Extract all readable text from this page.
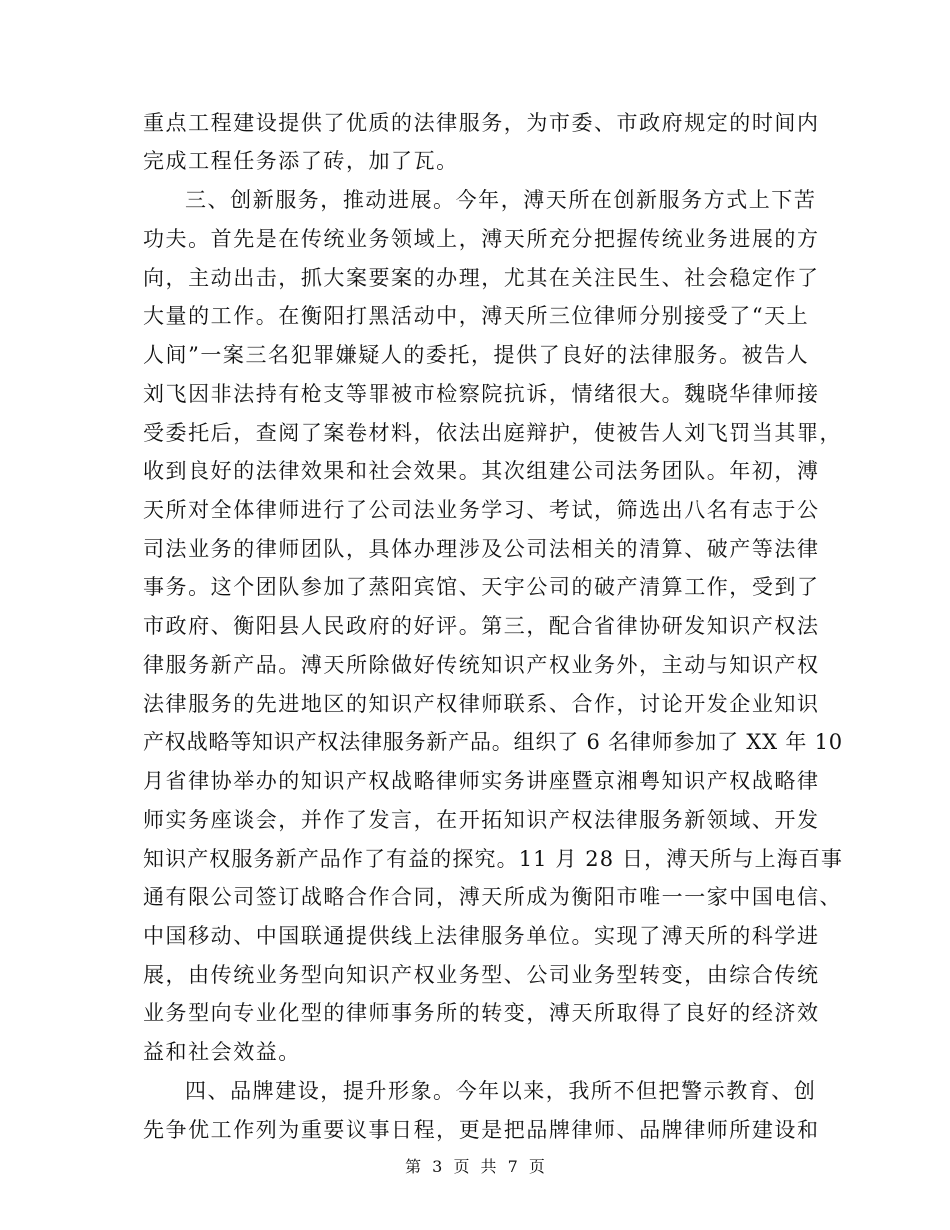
重点工程建设提供了优质的法律服务，为市委、市政府规定的时间内
完成工程任务添了砖，加了瓦。
三、创新服务，推动进展。今年，溥天所在创新服务方式上下苦
功夫。首先是在传统业务领域上，溥天所充分把握传统业务进展的方
向，主动出击，抓大案要案的办理，尤其在关注民生、社会稳定作了
大量的工作。在衡阳打黑活动中，溥天所三位律师分别接受了“天上
人间”一案三名犯罪嫌疑人的委托，提供了良好的法律服务。被告人
刘飞因非法持有枪支等罪被市检察院抗诉，情绪很大。魏晓华律师接
受委托后，查阅了案卷材料，依法出庭辩护，使被告人刘飞罚当其罪，
收到良好的法律效果和社会效果。其次组建公司法务团队。年初，溥
天所对全体律师进行了公司法业务学习、考试，筛选出八名有志于公
司法业务的律师团队，具体办理涉及公司法相关的清算、破产等法律
事务。这个团队参加了蒸阳宾馆、天宇公司的破产清算工作，受到了
市政府、衡阳县人民政府的好评。第三，配合省律协研发知识产权法
律服务新产品。溥天所除做好传统知识产权业务外，主动与知识产权
法律服务的先进地区的知识产权律师联系、合作，讨论开发企业知识
产权战略等知识产权法律服务新产品。组织了 6 名律师参加了 XX 年 10
月省律协举办的知识产权战略律师实务讲座暨京湘粤知识产权战略律
师实务座谈会，并作了发言，在开拓知识产权法律服务新领域、开发
知识产权服务新产品作了有益的探究。11 月 28 日，溥天所与上海百事
通有限公司签订战略合作合同，溥天所成为衡阳市唯一一家中国电信、
中国移动、中国联通提供线上法律服务单位。实现了溥天所的科学进
展，由传统业务型向知识产权业务型、公司业务型转变，由综合传统
业务型向专业化型的律师事务所的转变，溥天所取得了良好的经济效
益和社会效益。
四、品牌建设，提升形象。今年以来，我所不但把警示教育、创
先争优工作列为重要议事日程，更是把品牌律师、品牌律师所建设和
第 3 页 共 7 页
